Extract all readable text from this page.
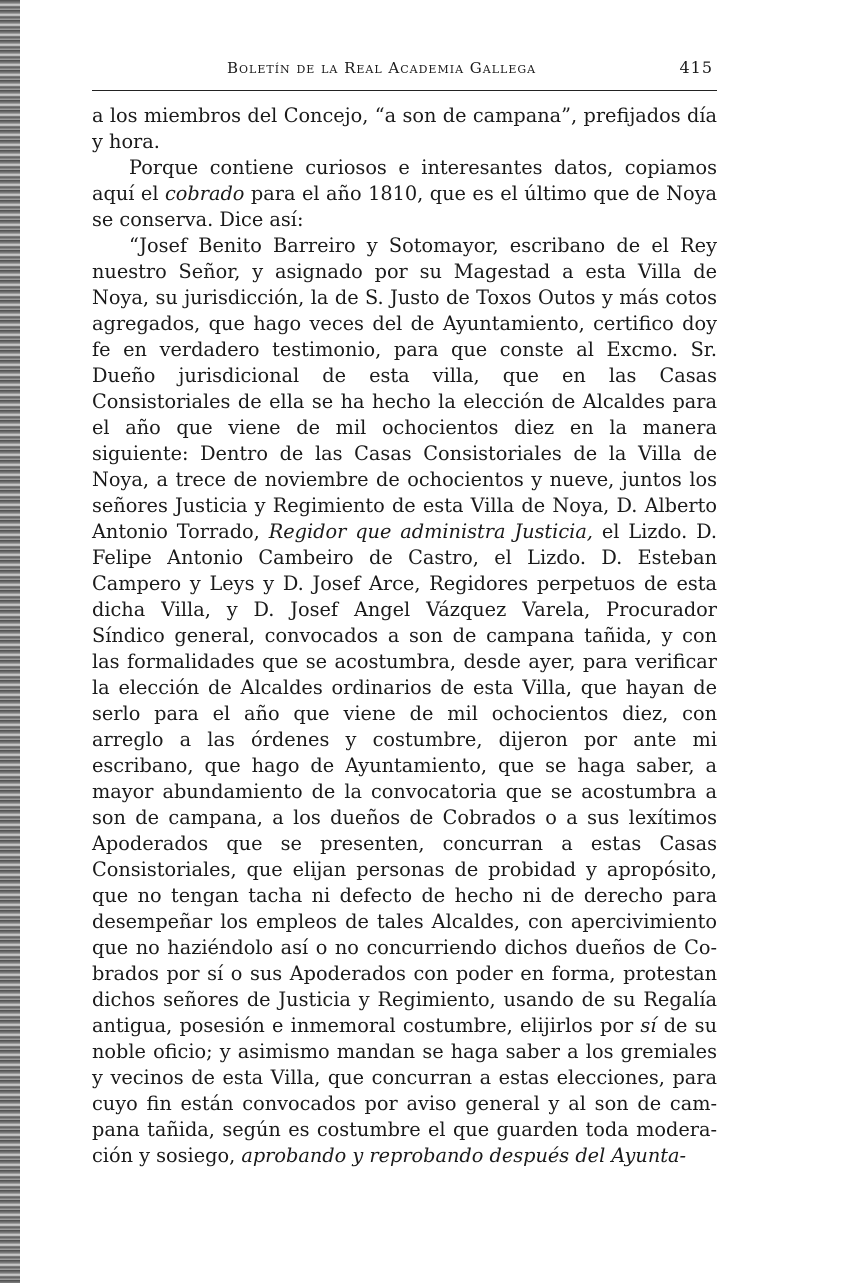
Boletín de la Real Academia Gallega	415

a los miembros del Concejo, “a son de campana”, prefijados día y hora.

Porque contiene curiosos e interesantes datos, copiamos aquí el cobrado para el año 1810, que es el último que de Noya se conserva. Dice así:

“Josef Benito Barreiro y Sotomayor, escribano de el Rey nuestro Señor, y asignado por su Magestad a esta Villa de Noya, su jurisdicción, la de S. Justo de Toxos Outos y más cotos agregados, que hago veces del de Ayuntamiento, certifico doy fe en verdadero testimonio, para que conste al Excmo. Sr. Dueño jurisdicional de esta villa, que en las Casas Consistoriales de ella se ha hecho la elección de Alcaldes para el año que viene de mil ochocientos diez en la manera siguiente: Dentro de las Casas Consistoriales de la Villa de Noya, a trece de noviembre de ochocientos y nueve, juntos los señores Justicia y Regimiento de esta Villa de Noya, D. Alberto Antonio Torrado, Regidor que administra Justicia, el Lizdo. D. Felipe Antonio Cambeiro de Castro, el Lizdo. D. Esteban Campero y Leys y D. Josef Arce, Regidores perpetuos de esta dicha Villa, y D. Josef Angel Vázquez Varela, Procurador Síndico general, convocados a son de campana tañida, y con las formalidades que se acostumbra, desde ayer, para verificar la elección de Alcaldes ordinarios de esta Villa, que hayan de serlo para el año que viene de mil ochocientos diez, con arreglo a las órdenes y costumbre, dijeron por ante mi escribano, que hago de Ayuntamiento, que se haga saber, a mayor abundamiento de la convocatoria que se acostumbra a son de campana, a los dueños de Cobrados o a sus lexítimos Apoderados que se presenten, concurran a estas Casas Consistoriales, que elijan personas de probidad y apropósito, que no tengan tacha ni defecto de hecho ni de derecho para desempeñar los empleos de tales Alcaldes, con apercivimiento que no haziéndolo así o no concurriendo dichos dueños de Cobrados por sí o sus Apoderados con poder en forma, protestan dichos señores de Justicia y Regimiento, usando de su Regalía antigua, posesión e inmemoral costumbre, elijirlos por sí de su noble oficio; y asimismo mandan se haga saber a los gremiales y vecinos de esta Villa, que concurran a estas elecciones, para cuyo fin están convocados por aviso general y al son de campana tañida, según es costumbre el que guarden toda moderación y sosiego, aprobando y reprobando después del Ayunta-
